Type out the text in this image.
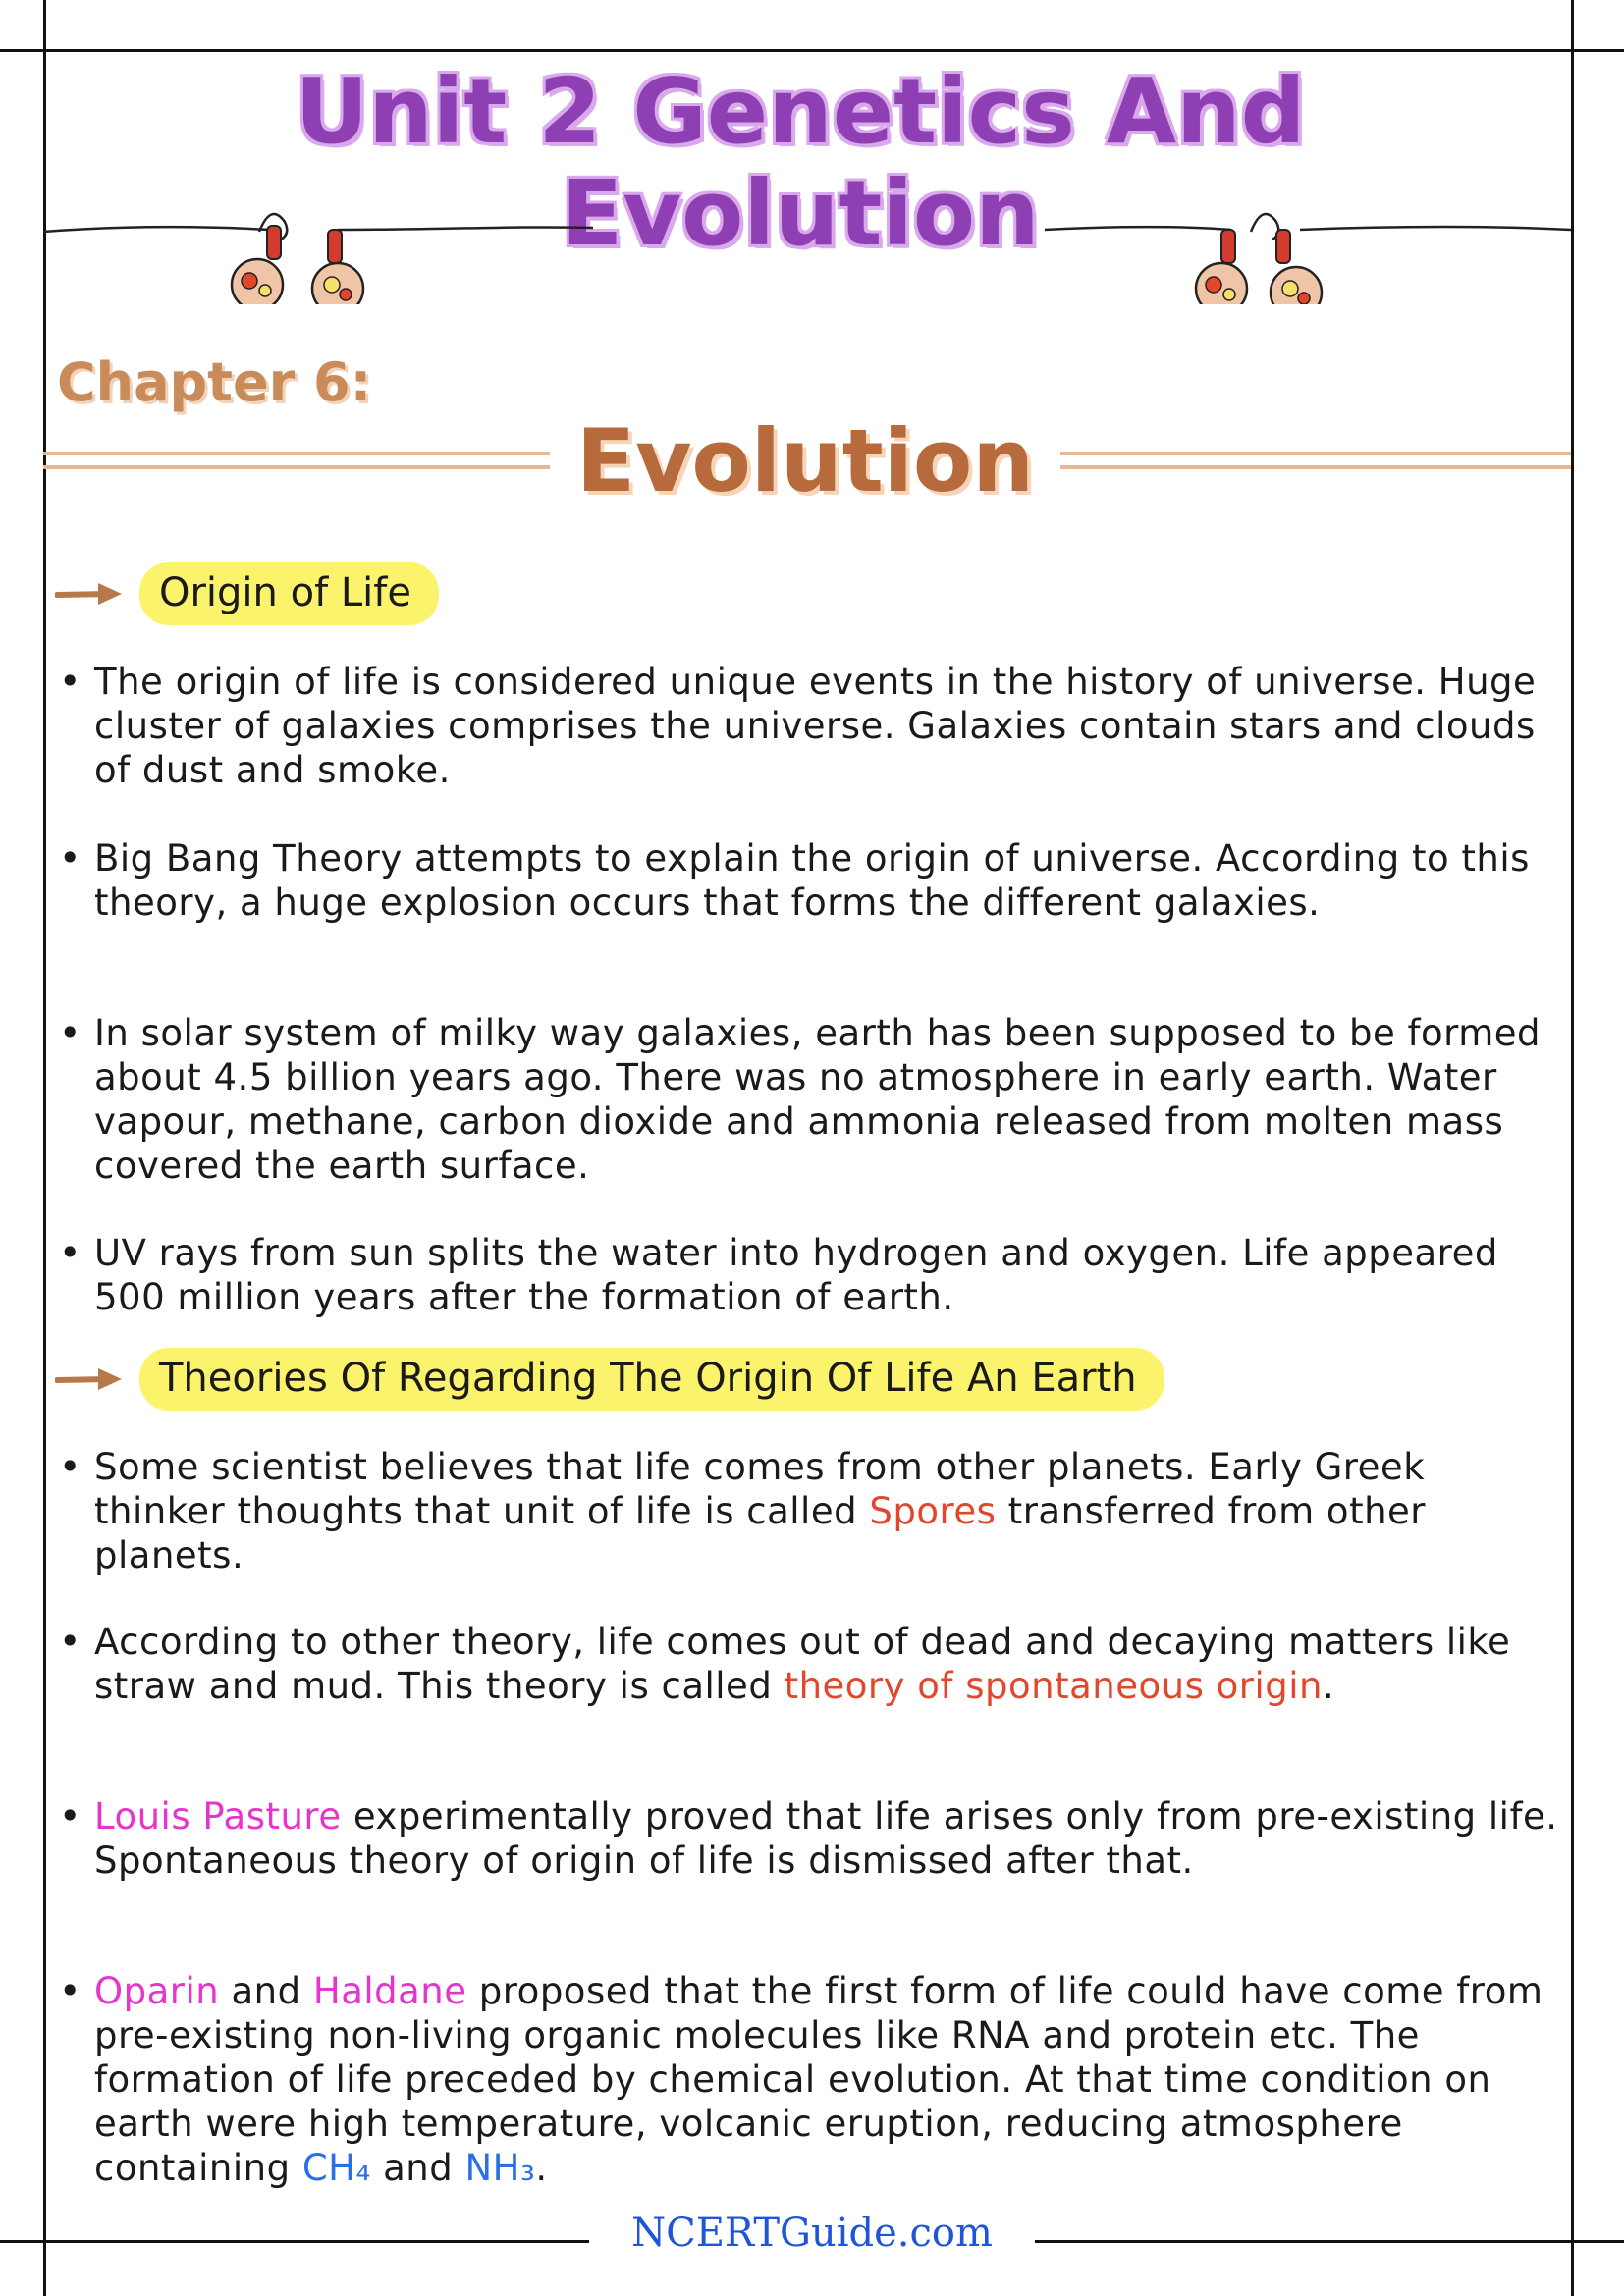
Unit 2 Genetics And
Evolution
Chapter 6:
Evolution
Origin of Life
• The origin of life is considered unique events in the history of universe. Huge cluster of galaxies comprises the universe. Galaxies contain stars and clouds of dust and smoke.
• Big Bang Theory attempts to explain the origin of universe. According to this theory, a huge explosion occurs that forms the different galaxies.
• In solar system of milky way galaxies, earth has been supposed to be formed about 4.5 billion years ago. There was no atmosphere in early earth. Water vapour, methane, carbon dioxide and ammonia released from molten mass covered the earth surface.
• UV rays from sun splits the water into hydrogen and oxygen. Life appeared 500 million years after the formation of earth.
Theories Of Regarding The Origin Of Life An Earth
• Some scientist believes that life comes from other planets. Early Greek thinker thoughts that unit of life is called Spores transferred from other planets.
• According to other theory, life comes out of dead and decaying matters like straw and mud. This theory is called theory of spontaneous origin.
• Louis Pasture experimentally proved that life arises only from pre-existing life. Spontaneous theory of origin of life is dismissed after that.
• Oparin and Haldane proposed that the first form of life could have come from pre-existing non-living organic molecules like RNA and protein etc. The formation of life preceded by chemical evolution. At that time condition on earth were high temperature, volcanic eruption, reducing atmosphere containing CH₄ and NH₃.
NCERTGuide.com
